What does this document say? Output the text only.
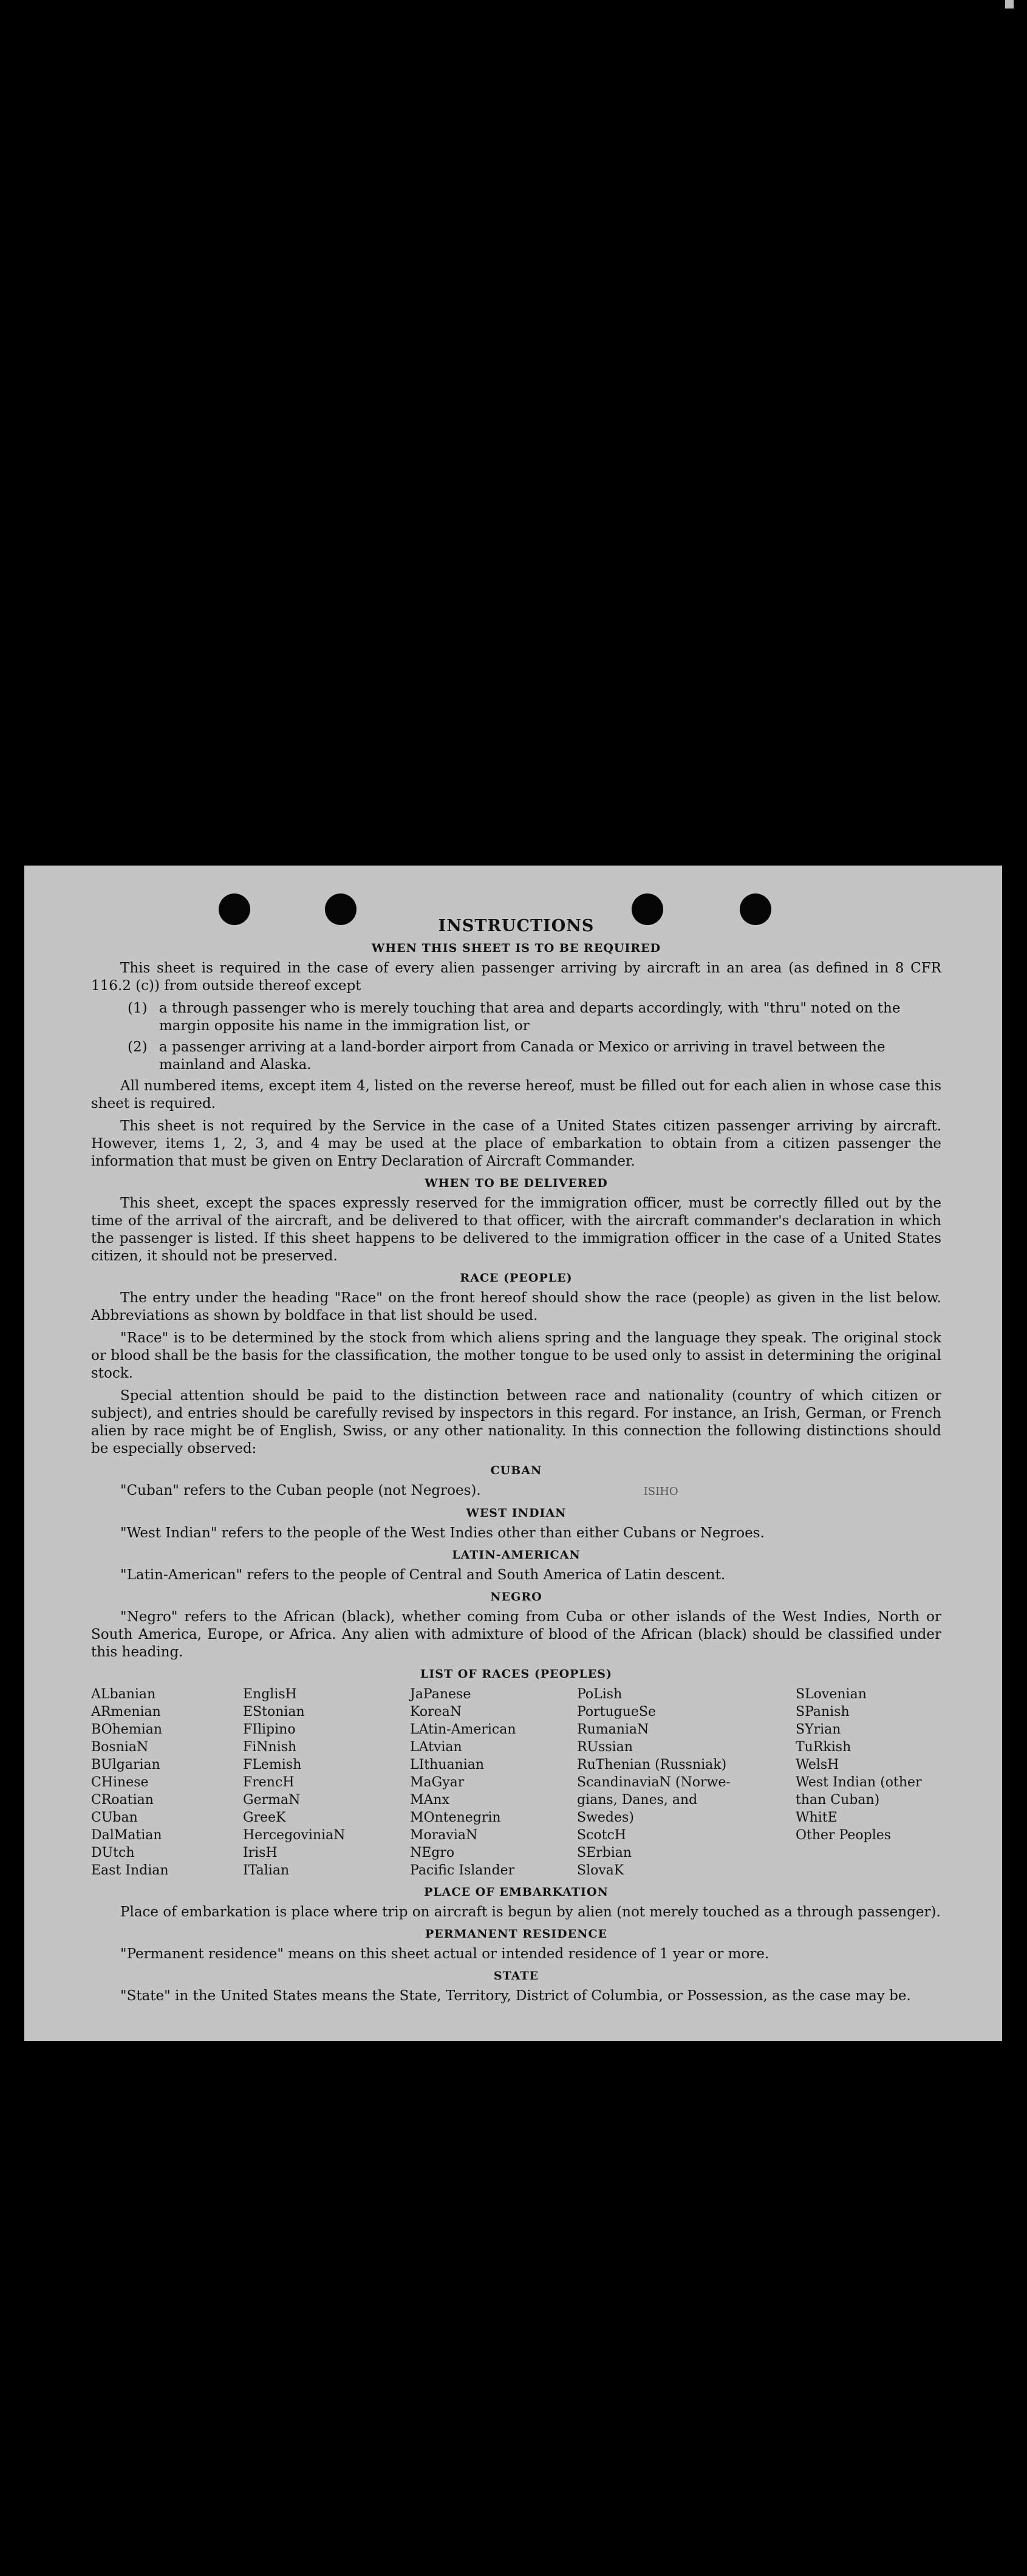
INSTRUCTIONS
WHEN THIS SHEET IS TO BE REQUIRED

This sheet is required in the case of every alien passenger arriving by aircraft in an area (as defined in 8 CFR 116.2 (c)) from outside thereof except

(1) a through passenger who is merely touching that area and departs accordingly, with "thru" noted on the margin opposite his name in the immigration list, or
(2) a passenger arriving at a land-border airport from Canada or Mexico or arriving in travel between the mainland and Alaska.

All numbered items, except item 4, listed on the reverse hereof, must be filled out for each alien in whose case this sheet is required.

This sheet is not required by the Service in the case of a United States citizen passenger arriving by aircraft. However, items 1, 2, 3, and 4 may be used at the place of embarkation to obtain from a citizen passenger the information that must be given on Entry Declaration of Aircraft Commander.

WHEN TO BE DELIVERED

This sheet, except the spaces expressly reserved for the immigration officer, must be correctly filled out by the time of the arrival of the aircraft, and be delivered to that officer, with the aircraft commander's declaration in which the passenger is listed. If this sheet happens to be delivered to the immigration officer in the case of a United States citizen, it should not be preserved.

RACE (PEOPLE)

The entry under the heading "Race" on the front hereof should show the race (people) as given in the list below. Abbreviations as shown by boldface in that list should be used.

"Race" is to be determined by the stock from which aliens spring and the language they speak. The original stock or blood shall be the basis for the classification, the mother tongue to be used only to assist in determining the original stock.

Special attention should be paid to the distinction between race and nationality (country of which citizen or subject), and entries should be carefully revised by inspectors in this regard. For instance, an Irish, German, or French alien by race might be of English, Swiss, or any other nationality. In this connection the following distinctions should be especially observed:

CUBAN

"Cuban" refers to the Cuban people (not Negroes).	ISIHO

WEST INDIAN

"West Indian" refers to the people of the West Indies other than either Cubans or Negroes.

LATIN-AMERICAN

"Latin-American" refers to the people of Central and South America of Latin descent.

NEGRO

"Negro" refers to the African (black), whether coming from Cuba or other islands of the West Indies, North or South America, Europe, or Africa. Any alien with admixture of blood of the African (black) should be classified under this heading.

LIST OF RACES (PEOPLES)
ALbanian
ARmenian
BOhemian
BosniaN
BUlgarian
CHinese
CRoatian
CUban
DalMatian
DUtch
East Indian
EnglisH
EStonian
FIlipino
FiNnish
FLemish
FrencH
GermaN
GreeK
HercegoviniaN
IrisH
ITalian
JaPanese
KoreaN
LAtin-American
LAtvian
LIthuanian
MaGyar
MAnx
MOntenegrin
MoraviaN
NEgro
Pacific Islander
PoLish
PortugueSe
RumaniaN
RUssian
RuThenian (Russniak)
ScandinaviaN (Norwe-
gians, Danes, and
Swedes)
ScotcH
SErbian
SlovaK
SLovenian
SPanish
SYrian
TuRkish
WelsH
West Indian (other
than Cuban)
WhitE
Other Peoples
PLACE OF EMBARKATION

Place of embarkation is place where trip on aircraft is begun by alien (not merely touched as a through passenger).

PERMANENT RESIDENCE

"Permanent residence" means on this sheet actual or intended residence of 1 year or more.

STATE

"State" in the United States means the State, Territory, District of Columbia, or Possession, as the case may be.
